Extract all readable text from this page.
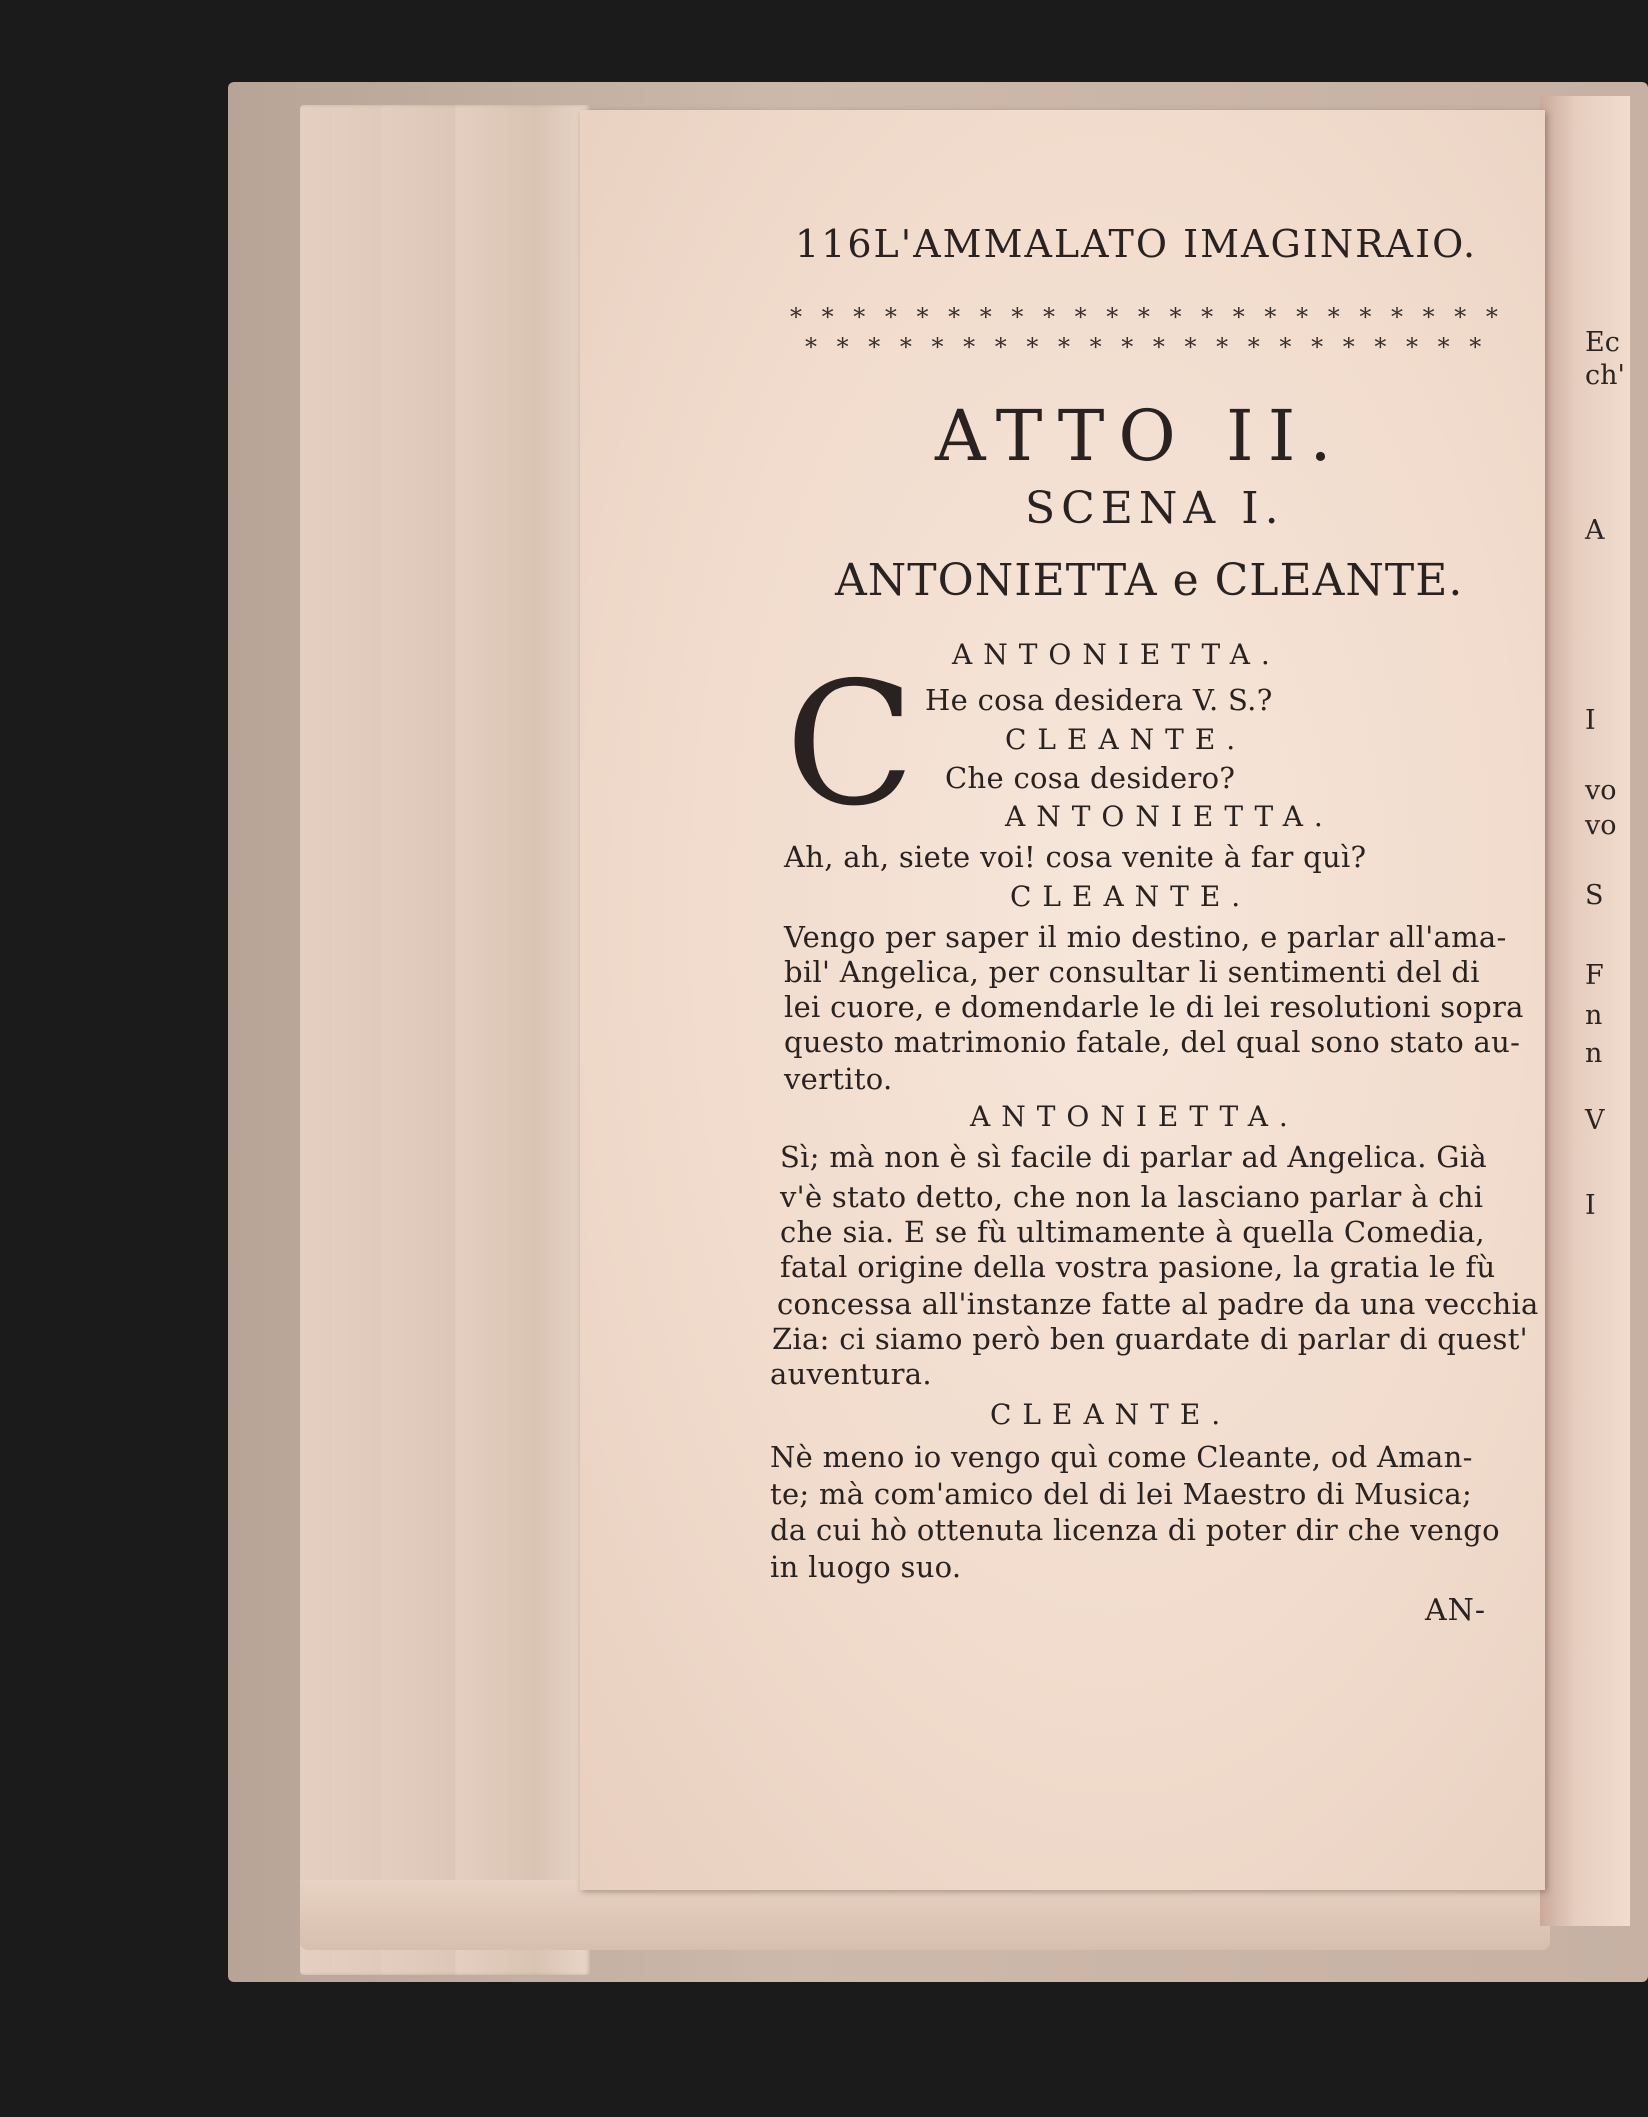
116L'AMMALATO IMAGINRAIO.
* * * * * * * * * * * * * * * * * * * * * * *
* * * * * * * * * * * * * * * * * * * * * *
ATTO II.
SCENA I.
ANTONIETTA e CLEANTE.
C ANTONIETTA.
He cosa desidera V. S.?
CLEANTE.
Che cosa desidero?
ANTONIETTA.
Ah, ah, siete voi! cosa venite à far quì?
CLEANTE.
Vengo per saper il mio destino, e parlar all'ama-
bil' Angelica, per consultar li sentimenti del di
lei cuore, e domendarle le di lei resolutioni sopra
questo matrimonio fatale, del qual sono stato au-
vertito.
ANTONIETTA.
Sì; mà non è sì facile di parlar ad Angelica. Già
v'è stato detto, che non la lasciano parlar à chi
che sia. E se fù ultimamente à quella Comedia,
fatal origine della vostra pasione, la gratia le fù
concessa all'instanze fatte al padre da una vecchia
Zia: ci siamo però ben guardate di parlar di quest'
auventura.
CLEANTE.
Nè meno io vengo quì come Cleante, od Aman-
te; mà com'amico del di lei Maestro di Musica;
da cui hò ottenuta licenza di poter dir che vengo
in luogo suo.
AN-
Ec
ch'
A
I
vo
vo
S
F
n
n
V
I
